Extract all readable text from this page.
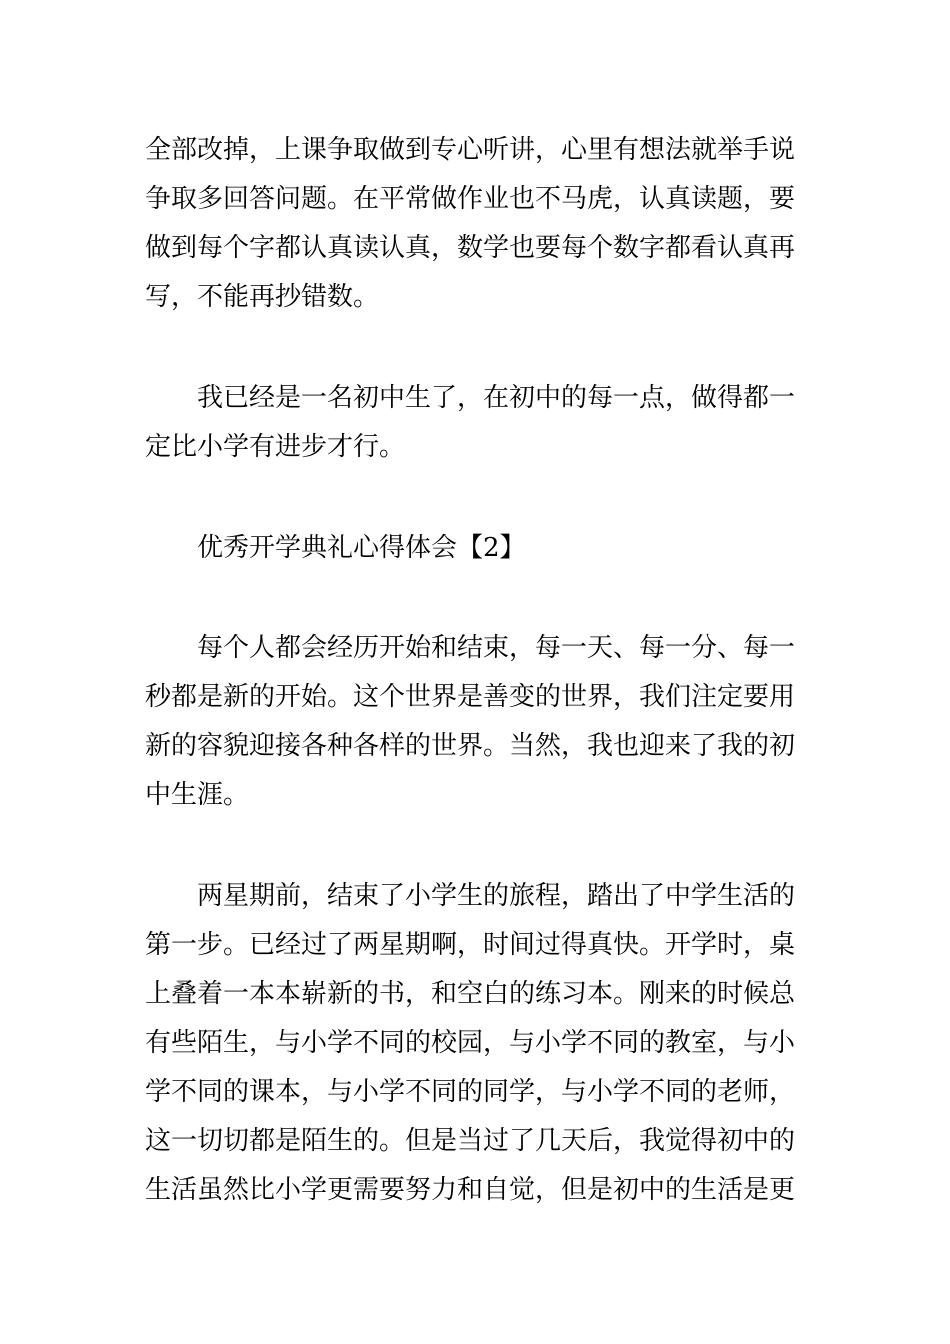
全部改掉，上课争取做到专心听讲，心里有想法就举手说
争取多回答问题。在平常做作业也不马虎，认真读题，要
做到每个字都认真读认真，数学也要每个数字都看认真再
写，不能再抄错数。
我已经是一名初中生了，在初中的每一点，做得都一
定比小学有进步才行。
优秀开学典礼心得体会【2】
每个人都会经历开始和结束，每一天、每一分、每一
秒都是新的开始。这个世界是善变的世界，我们注定要用
新的容貌迎接各种各样的世界。当然，我也迎来了我的初
中生涯。
两星期前，结束了小学生的旅程，踏出了中学生活的
第一步。已经过了两星期啊，时间过得真快。开学时，桌
上叠着一本本崭新的书，和空白的练习本。刚来的时候总
有些陌生，与小学不同的校园，与小学不同的教室，与小
学不同的课本，与小学不同的同学，与小学不同的老师，
这一切切都是陌生的。但是当过了几天后，我觉得初中的
生活虽然比小学更需要努力和自觉，但是初中的生活是更
